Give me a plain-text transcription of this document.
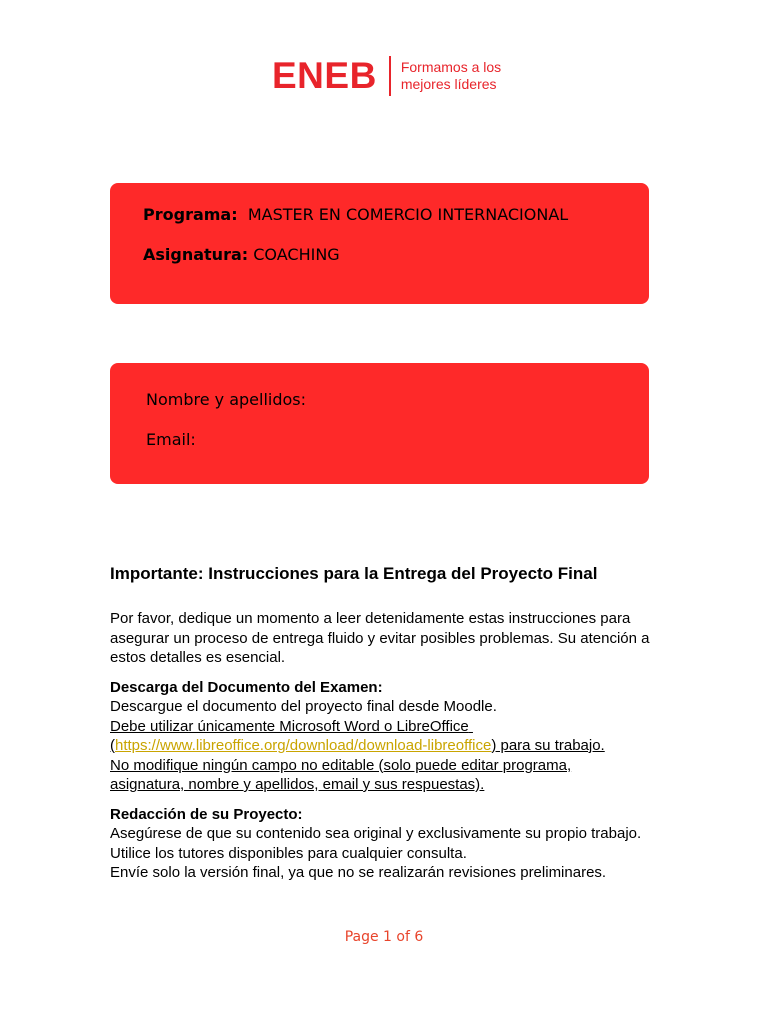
ENEB Formamos a los
mejores líderes
Programa: MASTER EN COMERCIO INTERNACIONAL
Asignatura: COACHING
Nombre y apellidos:
Email:
Importante: Instrucciones para la Entrega del Proyecto Final
Por favor, dedique un momento a leer detenidamente estas instrucciones para asegurar un proceso de entrega fluido y evitar posibles problemas. Su atención a estos detalles es esencial.
Descarga del Documento del Examen:
Descargue el documento del proyecto final desde Moodle.
Debe utilizar únicamente Microsoft Word o LibreOffice
(https://www.libreoffice.org/download/download-libreoffice) para su trabajo.
No modifique ningún campo no editable (solo puede editar programa, asignatura, nombre y apellidos, email y sus respuestas).
Redacción de su Proyecto:
Asegúrese de que su contenido sea original y exclusivamente su propio trabajo.
Utilice los tutores disponibles para cualquier consulta.
Envíe solo la versión final, ya que no se realizarán revisiones preliminares.
Page 1 of 6
